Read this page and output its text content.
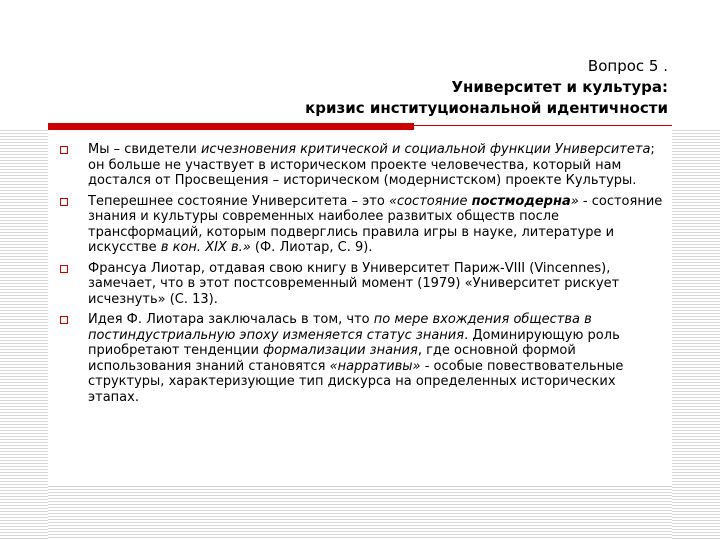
Вопрос 5 .
Университет и культура:
кризис институциональной идентичности
Мы – свидетели исчезновения критической и социальной функции Университета; он больше не участвует в историческом проекте человечества, который нам достался от Просвещения – историческом (модернистском) проекте Культуры.
Теперешнее состояние Университета – это «состояние постмодерна» - состояние знания и культуры современных наиболее развитых обществ после трансформаций, которым подверглись правила игры в науке, литературе и искусстве в кон. XIX в.» (Ф. Лиотар, С. 9).
Франсуа Лиотар, отдавая свою книгу в Университет Париж-VIII (Vincennes), замечает, что в этот постсовременный момент (1979) «Университет рискует исчезнуть» (С. 13).
Идея Ф. Лиотара заключалась в том, что по мере вхождения общества в постиндустриальную эпоху изменяется статус знания. Доминирующую роль приобретают тенденции формализации знания, где основной формой использования знаний становятся «нарративы» - особые повествовательные структуры, характеризующие тип дискурса на определенных исторических этапах.
